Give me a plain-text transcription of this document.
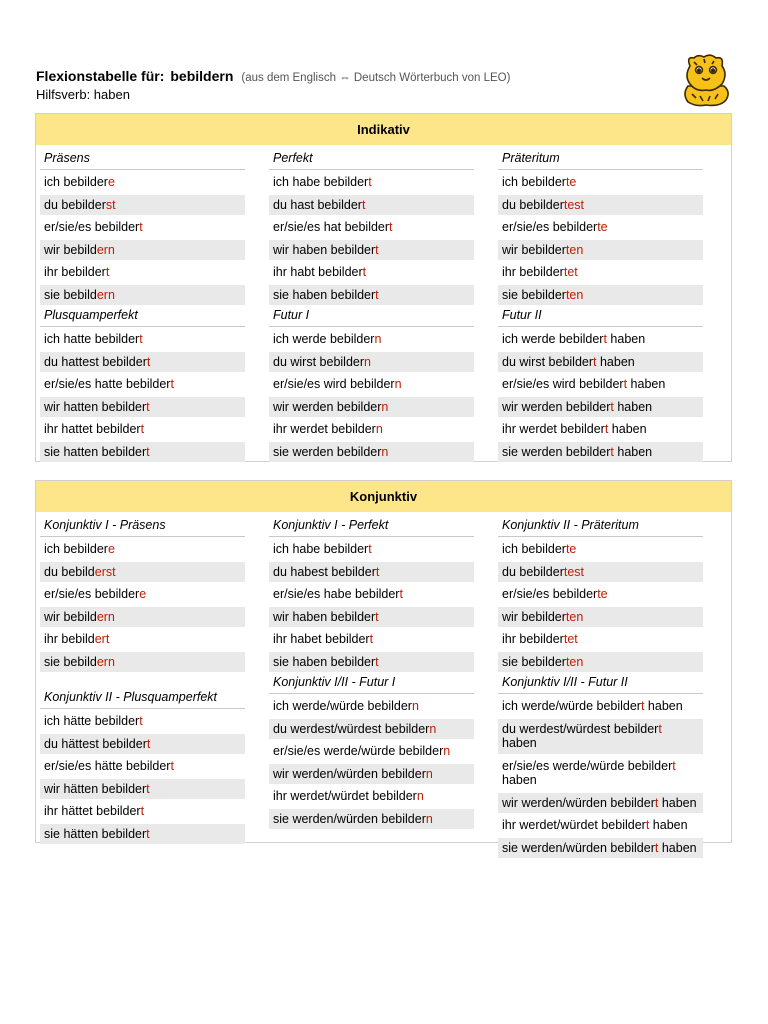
Flexionstabelle für: bebildern (aus dem Englisch ⇔ Deutsch Wörterbuch von LEO)
Hilfsverb: haben
Indikativ
Präsens
ich bebildere
du bebilderst
er/sie/es bebildert
wir bebildern
ihr bebildert
sie bebildern
Perfekt
ich habe bebildert
du hast bebildert
er/sie/es hat bebildert
wir haben bebildert
ihr habt bebildert
sie haben bebildert
Präteritum
ich bebilderte
du bebildertest
er/sie/es bebilderte
wir bebilderten
ihr bebildertet
sie bebilderten
Plusquamperfekt
ich hatte bebildert
du hattest bebildert
er/sie/es hatte bebildert
wir hatten bebildert
ihr hattet bebildert
sie hatten bebildert
Futur I
ich werde bebildern
du wirst bebildern
er/sie/es wird bebildern
wir werden bebildern
ihr werdet bebildern
sie werden bebildern
Futur II
ich werde bebildert haben
du wirst bebildert haben
er/sie/es wird bebildert haben
wir werden bebildert haben
ihr werdet bebildert haben
sie werden bebildert haben
Konjunktiv
Konjunktiv I - Präsens
ich bebildere
du bebilderst
er/sie/es bebildere
wir bebildern
ihr bebildert
sie bebildern
Konjunktiv I - Perfekt
ich habe bebildert
du habest bebildert
er/sie/es habe bebildert
wir haben bebildert
ihr habet bebildert
sie haben bebildert
Konjunktiv II - Präteritum
ich bebilderte
du bebildertest
er/sie/es bebilderte
wir bebilderten
ihr bebildertet
sie bebilderten
Konjunktiv II - Plusquamperfekt
ich hätte bebildert
du hättest bebildert
er/sie/es hätte bebildert
wir hätten bebildert
ihr hättet bebildert
sie hätten bebildert
Konjunktiv I/II - Futur I
ich werde/würde bebildern
du werdest/würdest bebildern
er/sie/es werde/würde bebildern
wir werden/würden bebildern
ihr werdet/würdet bebildern
sie werden/würden bebildern
Konjunktiv I/II - Futur II
ich werde/würde bebildert haben
du werdest/würdest bebildert haben
er/sie/es werde/würde bebildert haben
wir werden/würden bebildert haben
ihr werdet/würdet bebildert haben
sie werden/würden bebildert haben
